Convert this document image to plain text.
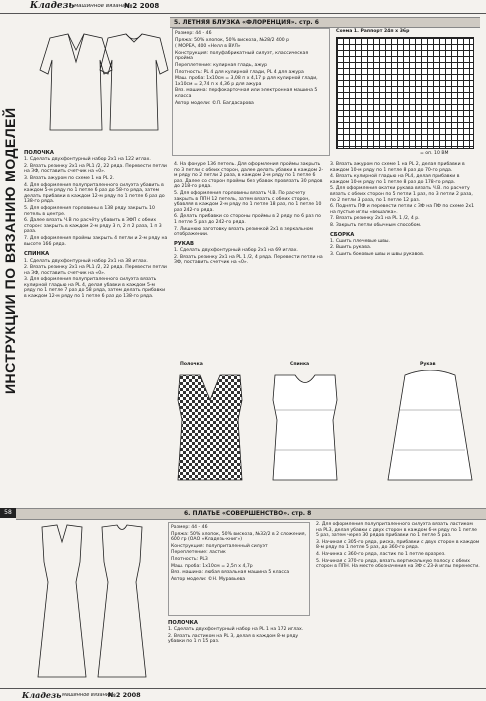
Кладезь машинное вязание
№2 2008
ИНСТРУКЦИИ ПО ВЯЗАНИЮ МОДЕЛЕЙ
5. ЛЕТНЯЯ БЛУЗКА «ФЛОРЕНЦИЯ». стр. 6

Размер: 44 - 46

Пряжа: 50% хлопок, 50% вискоза, №28/2 400 р

( МОРЕА, 400 «Нелл в ВУЛ»

Конструкция: полуфабрикатный силуэт, классическая пройма

Переплетение: кулирная гладь, ажур

Плотность: PL 4 для кулирной глади, PL 4 для ажура

Маш. проба: 1х10см = 3,08 п x 4,17 р для кулирной глади, 1х10см = 2,74 п x 4,36 р для ажура

Вяз. машина: перфокарточная или электронная машина 5 класса

Автор модели: ©Л. Багдасарова

Схема 1. Раппорт 24п x 36р
= оп. 10 ВМ

ПОЛОЧКА

1. Сделать двухфонтурный набор 2х1 на 122 иглах.

2. Вязать резинку 2х1 на PL1 /2, 22 ряда. Перевести петли на ЗФ, поставить счетчик на «0».

3. Вязать ажуром по схеме 1 на PL 2.

4. Для оформления полуприталенного силуэта убавить в каждом 5-м ряду по 1 петле 6 раз до 58-го ряда, затем делать прибавки в каждом 12-м ряду по 1 петле 6 раз до 138-го ряда.

5. Для оформления горловины в 138 ряду закрыть 10 петель в центре.

6. Далее вязать Ч.В по расчёту убавить в ЗФП с обеих сторон: закрыть в каждом 2-м ряду 3 п, 2 п 2 раза, 1 п 3 раза.

7. Для оформления проймы закрыть 4 петли и 2-м ряду на высоте 166 ряда.

СПИНКА

1. Сделать двухфонтурный набор 2х1 на 38 иглах.

2. Вязать резинку 2х1 на PL1 /2, 22 ряда. Перевести петли на ЗФ, поставить счетчик на «0».

3. Для оформления полуприталенного силуэта вязать кулирной гладью на PL 4, делая убавки в каждом 5-м ряду по 1 петле 7 раз до 58 ряда, затем делать прибавки в каждом 12-м ряду по 1 петле 6 раз до 138-го ряда.

4. На фонуре 136 петель. Для оформления проймы закрыть по 3 петли с обеих сторон, далее делать убавки в каждом 2-м ряду по 2 петли 2 раза, в каждом 2-м ряду по 1 петле 6 раз. Далее со сторон проймы без убавок провязать 30 рядов до 218-го ряда.

5. Для оформления горловины вязать Ч.В. По расчету закрыть в ППН 12 петель, затем вязать с обеих сторон, убавляя в каждом 2-м ряду по 1 петле 18 раз, по 1 петле 10 раз 242-го ряда.

6. Делать прибавки со стороны проймы в 2 ряду по 6 раз по 1 петле 5 раз до 242-го ряда.

7. Лишнюю заготовку вязать резинкой 2х1 в зеркальном отображении.

РУКАВ

1. Сделать двухфонтурный набор 2х1 на 69 иглах.

2. Вязать резинку 2х1 на PL 1 /2, 4 ряда. Перевести петли на ЗФ, поставить счетчик на «0».

3. Вязать ажуром по схеме 1 на PL 2, делая прибавки в каждом 10-м ряду по 1 петле 8 раз до 70-го ряда.

4. Вязать кулирной гладью на PL4, делая прибавки в каждом 10-м ряду по 1 петле 8 раз до 178-го ряда.

5. Для оформления окатки рукава вязать Ч.В. по расчету вязать с обеих сторон по 5 петли 1 раз, по 3 петли 2 раза, по 2 петли 3 раза, по 1 петле 12 раз.

6. Поднять ПФ и перевести петли с ЗФ на ПФ по схеме 2х1 на пустые иглы «вешалка».

7. Вязать резинку 2х1 на PL 1 /2, 4 р.

8. Закрыть петли обычным способом.

СБОРКА

1. Сшить плечевые швы.

2. Вшить рукава.

3. Сшить боковые швы и швы рукавов.

Полочка	Спинка	Рукав
58	6. ПЛАТЬЕ «СОВЕРШЕНСТВО». стр. 8

Размер: 44 - 46

Пряжа: 50% хлопок, 50% вискоза, №32/2 в 2 сложения, 600 гр (ОАО «Кладезь-книг»)

Конструкция: полуприталенный силуэт

Переплетение: ластик

Плотность: PL3

Маш. проба: 1х10см = 2,5п x 4,7р

Вяз. машина: любая вязальная машина 5 класса

Автор модели: ©Н. Муравьева

ПОЛОЧКА

1. Сделать двухфонтурный набор на PL 1 на 172 иглах.

2. Вязать ластиком на PL 3, делая в каждом 8-м ряду убавки по 1 п 15 раз.

2. Для оформления полуприталенного силуэта вязать ластиком на PL3, делая убавки с двух сторон в каждом 6-м ряду по 1 петле 5 раз, затем через 30 рядов прибавки по 1 петле 5 раз.

3. Начиная с 305-го ряда, риска, прибавки с двух сторон в каждом 8-м ряду по 1 петле 5 раз, до 360-го ряда.

4. Начинка с 360-го ряда, ластик по 1 петле вразрез.

5. Начиная с 370-го ряда, вязать вертикальную полосу с обеих сторон в ППН. На месте обозначения на ЗФ с 23-й иглы перенести.

Кладезь машинное вязание
№2 2008
